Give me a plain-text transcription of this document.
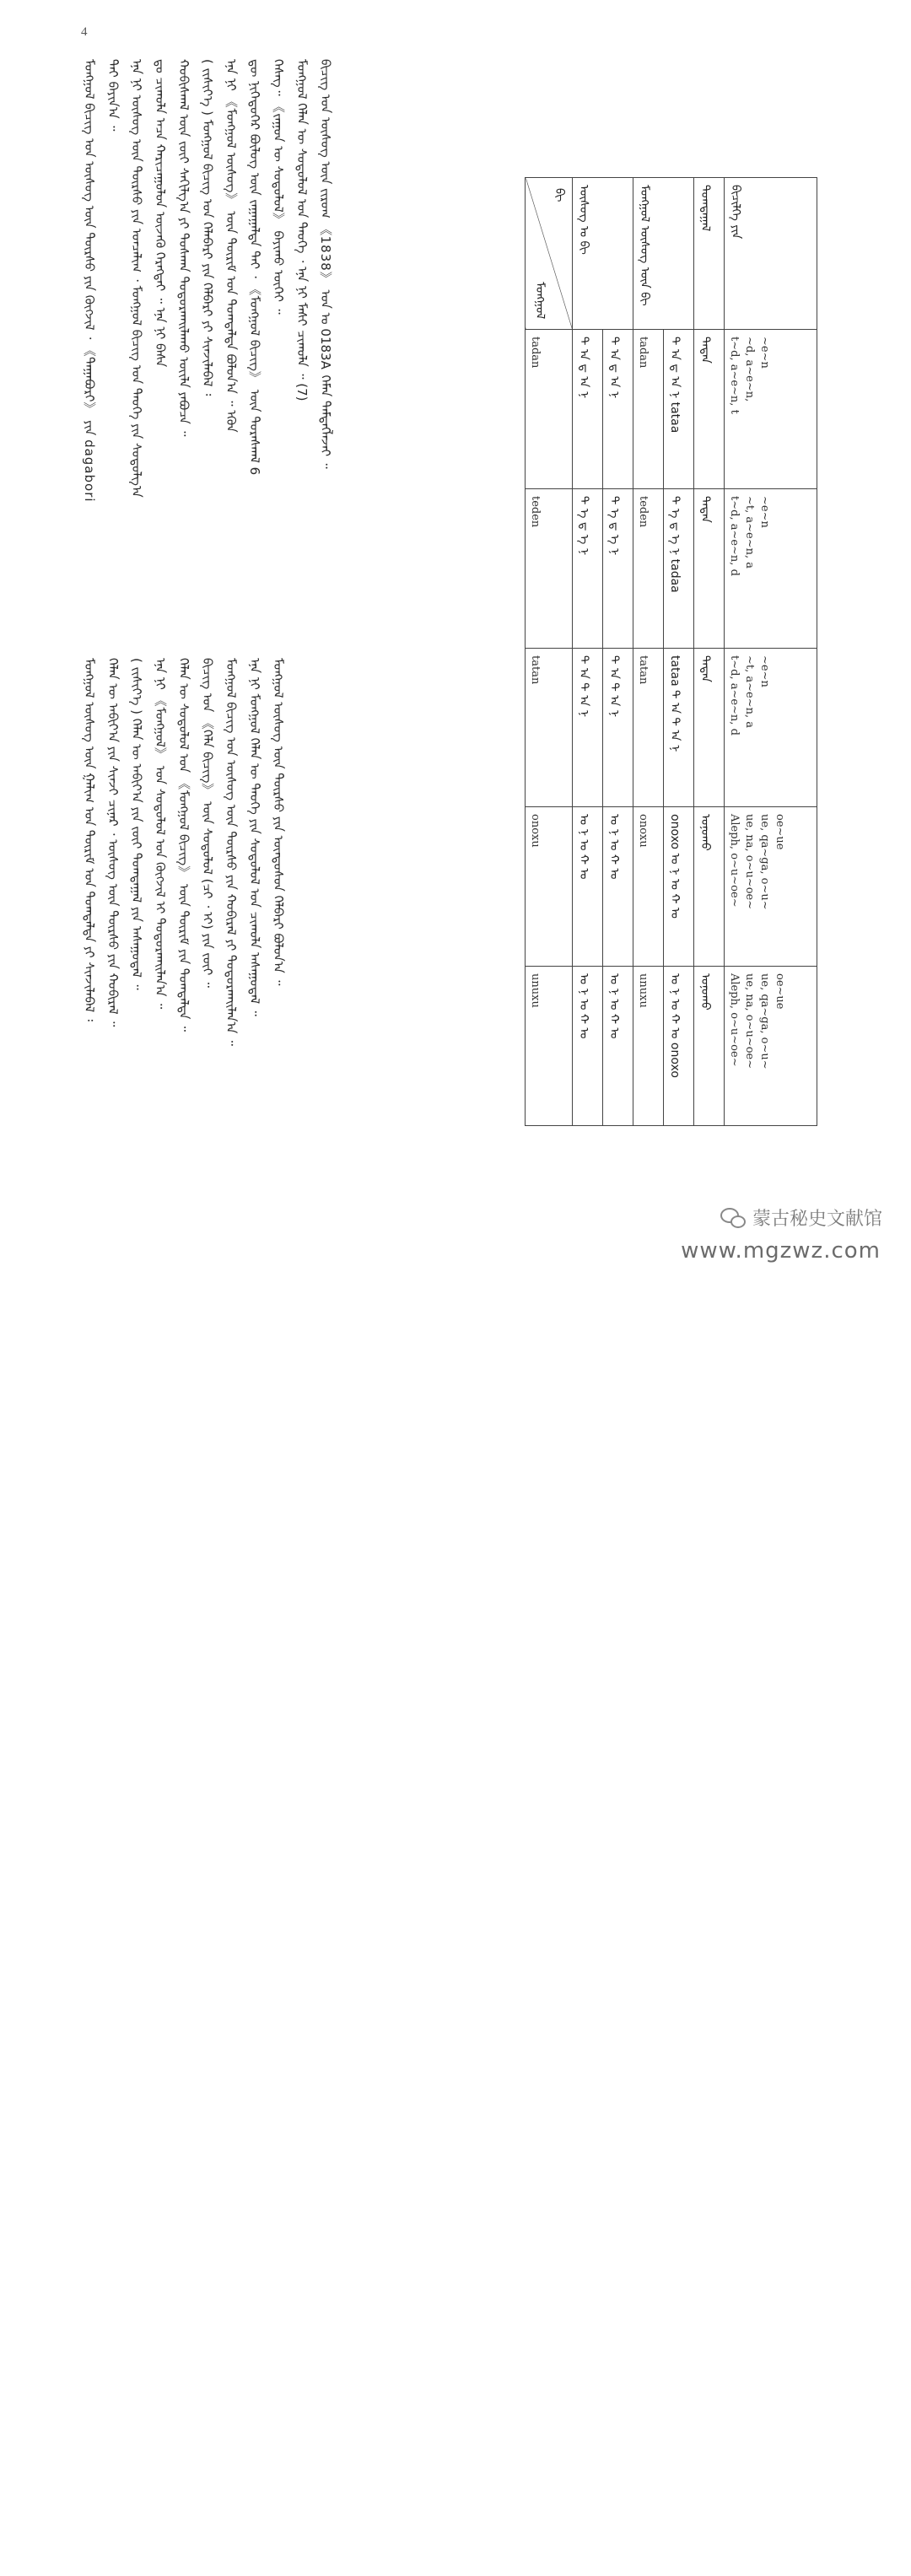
4
ᠮᠣᠩᠭᠣᠯ ᠪᠢᠴᠢᠭ ᠤᠨ ᠦᠰᠦᠭ ᠦᠨ ᠳᠦᠷᠰᠦ ᠶᠢᠨ ᠬᠥᠭᠵᠢᠯ ᠂ 《ᠳᠠᠭᠠᠪᠣᠷᠢ》 ᠶᠢᠨ dagabori ᠲᠡᠢ ᠪᠠᠶᠢᠨ᠎ᠠ ᠃ ᠡᠨᠡ ᠨᠢ ᠦᠰᠦᠭ ᠦᠨ ᠳᠦᠷᠰᠦ ᠶᠢᠨ ᠣᠨᠴᠠᠯᠢᠭ ᠂ ᠮᠣᠩᠭᠣᠯ ᠪᠢᠴᠢᠭ ᠤᠨ ᠲᠡᠦᠬᠡ ᠶᠢᠨ ᠰᠤᠳᠤᠯᠭ᠎ᠠ ᠳᠤ ᠴᠢᠬᠤᠯᠠ ᠠᠴᠠ ᠬᠠᠷᠢᠴᠠᠭᠤᠯᠤᠨ ᠦᠵᠡᠬᠦ ᠬᠡᠷᠡᠭᠲᠡᠢ ᠃ ᠡᠨᠡ ᠨᠢ ᠪᠠᠰᠠ ᠬᠤᠪᠢᠰᠬᠠᠯ ᠦᠨ ᠵᠦᠢ ᠰᠠᠬᠢᠯᠭ᠎ᠠ ᠶᠢ ᠲᠤᠰᠬᠠᠨ ᠲᠣᠳᠣᠷᠬᠠᠢᠯᠠᠬᠤ ᠦᠢᠯᠡ ᠶᠠᠪᠤᠴᠠ ᠃ ( ᠵᠢᠱᠢᠶ᠎ᠡ ) ᠮᠣᠩᠭᠣᠯ ᠪᠢᠴᠢᠭ ᠤᠨ ᠬᠡᠯᠡᠪᠡᠷᠢ ᠶᠢᠨ ᠬᠡᠯᠪᠡᠷᠢ ᠶᠢ ᠰᠢᠨᠵᠢᠯᠡᠪᠡᠯ ᠄ ᠡᠨᠡ ᠨᠢ 《ᠮᠣᠩᠭᠣᠯ ᠦᠰᠦᠭ》 ᠦᠨ ᠳᠦᠷᠢᠮ ᠤᠨ ᠲᠣᠭᠲᠠᠯᠲᠠ ᠪᠣᠯᠣᠨ᠎ᠠ ᠃ ᠡᠭᠦᠨ ᠳᠦ ᠨᠢᠭᠡᠳᠦᠭᠡᠷ ᠪᠦᠯᠦᠭ ᠦᠨ ᠵᠠᠭᠠᠭᠠᠯᠲᠠ ᠲᠠᠢ ᠂ 《ᠮᠣᠩᠭᠣᠯ ᠪᠢᠴᠢᠭ》 ᠦᠨ ᠳᠤᠷᠠᠰᠬᠠᠯ 6 ᠬᠡᠰᠡᠭ᠃ 《ᠵᠠᠭᠤᠨ ᠦ ᠰᠤᠳᠤᠯᠤᠯ》 ᠪᠠᠶᠢᠬᠤ ᠦᠭᠡᠢ ᠃ ᠮᠣᠩᠭᠣᠯ ᠬᠡᠯᠡᠨ ᠦ ᠰᠤᠳᠤᠯᠤᠯ ᠤᠨ ᠲᠡᠦᠬᠡ ᠂ ᠡᠨᠡ ᠨᠢ ᠮᠠᠰᠢ ᠴᠢᠬᠤᠯᠠ ᠃ (7) ᠪᠢᠴᠢᠭ ᠤᠨ ᠦᠰᠦᠭ ᠦᠨ ᠵᠢᠷᠤᠭ 《1838》 ᠣᠨ ᠤ 0183A ᠬᠡᠮᠡᠨ ᠲᠡᠮᠳᠡᠭᠯᠡᠵᠡᠢ ᠃
ᠮᠣᠩᠭᠣᠯ ᠦᠰᠦᠭ ᠦᠨ ᠭᠠᠯᠢᠭ ᠤᠨ ᠳᠦᠷᠢᠮ ᠤᠨ ᠲᠣᠭᠲᠠᠯᠲᠠ ᠶᠢ ᠰᠢᠨᠵᠢᠯᠡᠪᠡᠯ ᠄ ᠬᠡᠯᠡᠨ ᠦ ᠠᠪᠢᠶ᠎ᠠ ᠶᠢᠨ ᠰᠢᠨᠵᠢ ᠴᠢᠨᠠᠷ ᠂ ᠦᠰᠦᠭ ᠦᠨ ᠳᠦᠷᠰᠦ ᠶᠢᠨ ᠬᠤᠪᠢᠷᠠᠯ ᠃ ( ᠵᠢᠱᠢᠶ᠎ᠡ ) ᠬᠡᠯᠡᠨ ᠦ ᠠᠪᠢᠶ᠎ᠠ ᠶᠢᠨ ᠵᠦᠢ ᠲᠣᠭᠲᠠᠭᠠᠯ ᠶᠢᠨ ᠠᠰᠠᠭᠤᠳᠠᠯ ᠃ ᠡᠨᠡ ᠨᠢ 《ᠮᠣᠩᠭᠣᠯ》 ᠤᠨ ᠰᠤᠳᠤᠯᠤᠯ ᠤᠨ ᠬᠥᠭᠵᠢᠯ ᠢ ᠲᠣᠳᠣᠷᠬᠠᠢᠯᠠᠨ᠎ᠠ ᠃ ᠬᠡᠯᠡᠨ ᠦ ᠰᠤᠳᠤᠯᠤᠯ ᠤᠨ 《ᠮᠣᠩᠭᠣᠯ ᠪᠢᠴᠢᠭ》 ᠦᠨ ᠳᠦᠷᠢᠮ ᠶᠢᠨ ᠲᠣᠭᠲᠠᠯᠲᠠ ᠃ ᠪᠢᠴᠢᠭ ᠤᠨ 《ᠬᠡᠯᠡ ᠪᠢᠴᠢᠭ》 ᠦᠨ ᠰᠤᠳᠤᠯᠤᠯ (ᠴᠢ ᠂ ᠢ) ᠶᠢᠨ ᠵᠦᠢ ᠃ ᠮᠣᠩᠭᠣᠯ ᠪᠢᠴᠢᠭ ᠤᠨ ᠦᠰᠦᠭ ᠦᠨ ᠳᠦᠷᠰᠦ ᠶᠢᠨ ᠬᠤᠪᠢᠷᠠᠯ ᠶᠢ ᠲᠣᠳᠣᠷᠬᠠᠢᠯᠠᠨ᠎ᠠ ᠃ ᠡᠨᠡ ᠨᠢ ᠮᠣᠩᠭᠣᠯ ᠬᠡᠯᠡᠨ ᠦ ᠲᠡᠦᠬᠡ ᠶᠢᠨ ᠰᠤᠳᠤᠯᠤᠯ ᠤᠨ ᠴᠢᠬᠤᠯᠠ ᠠᠰᠠᠭᠤᠳᠠᠯ ᠃ ᠮᠣᠩᠭᠣᠯ ᠦᠰᠦᠭ ᠦᠨ ᠳᠦᠷᠰᠦ ᠶᠢᠨ ᠦᠨᠳᠦᠰᠦᠨ ᠬᠡᠯᠪᠡᠷᠢ ᠪᠣᠯᠣᠨ᠎ᠠ ᠃
ᠪᠢ
ᠮᠣᠩᠭᠣᠯ	ᠦᠰᠦᠭ ᠤ ᠪᠢ		ᠮᠣᠩᠭᠣᠯ ᠦᠰᠦᠭ ᠦᠨ ᠪᠢ		ᠲᠣᠭᠲᠠᠭᠠᠯ	ᠪᠢᠴᠢᠯᠭᠡ ᠶᠢᠨ

tadan	ᠲ ᠠ ᠳ ᠠ ᠨ	ᠲ ᠠ ᠳ ᠠ ᠨ	tadan	ᠲ ᠠ ᠳ ᠠ ᠨ tataa	ᠲᠠᠳᠠᠨ	~e~n
~d, a~e~n,
t~d, a~e~n, t

teden	ᠲ ᠡ ᠳ ᠡ ᠨ	ᠲ ᠡ ᠳ ᠡ ᠨ	teden	ᠲ ᠡ ᠳ ᠡ ᠨ tadaa	ᠲᠡᠳᠡᠨ	~e~n
~t, a~e~n, a
t~d, a~e~n, d

tatan	ᠲ ᠠ ᠲ ᠠ ᠨ	ᠲ ᠠ ᠲ ᠠ ᠨ	tatan	tataa ᠲ ᠠ ᠲ ᠠ ᠨ	ᠲᠠᠲᠠᠨ	~e~n
~t, a~e~n, a
t~d, a~e~n, d

onoxu	ᠣ ᠨ ᠣ ᠬ ᠤ	ᠣ ᠨ ᠣ ᠬ ᠤ	onoxu	onoxo ᠣ ᠨ ᠣ ᠬ ᠤ	ᠣᠨᠣᠬᠤ	oe~ue
ue, qa~ga, o~u~
ue, na, o~u~oe~
Aleph, o~u~oe~

unuxu	ᠤ ᠨ ᠤ ᠬ ᠤ	ᠤ ᠨ ᠤ ᠬ ᠤ	unuxu	ᠣ ᠨ ᠣ ᠬ ᠣ onoxo	ᠤᠨᠤᠬᠤ	oe~ue
ue, qa~ga, o~u~
ue, na, o~u~oe~
Aleph, o~u~oe~
蒙古秘史文献馆
www.mgzwz.com
